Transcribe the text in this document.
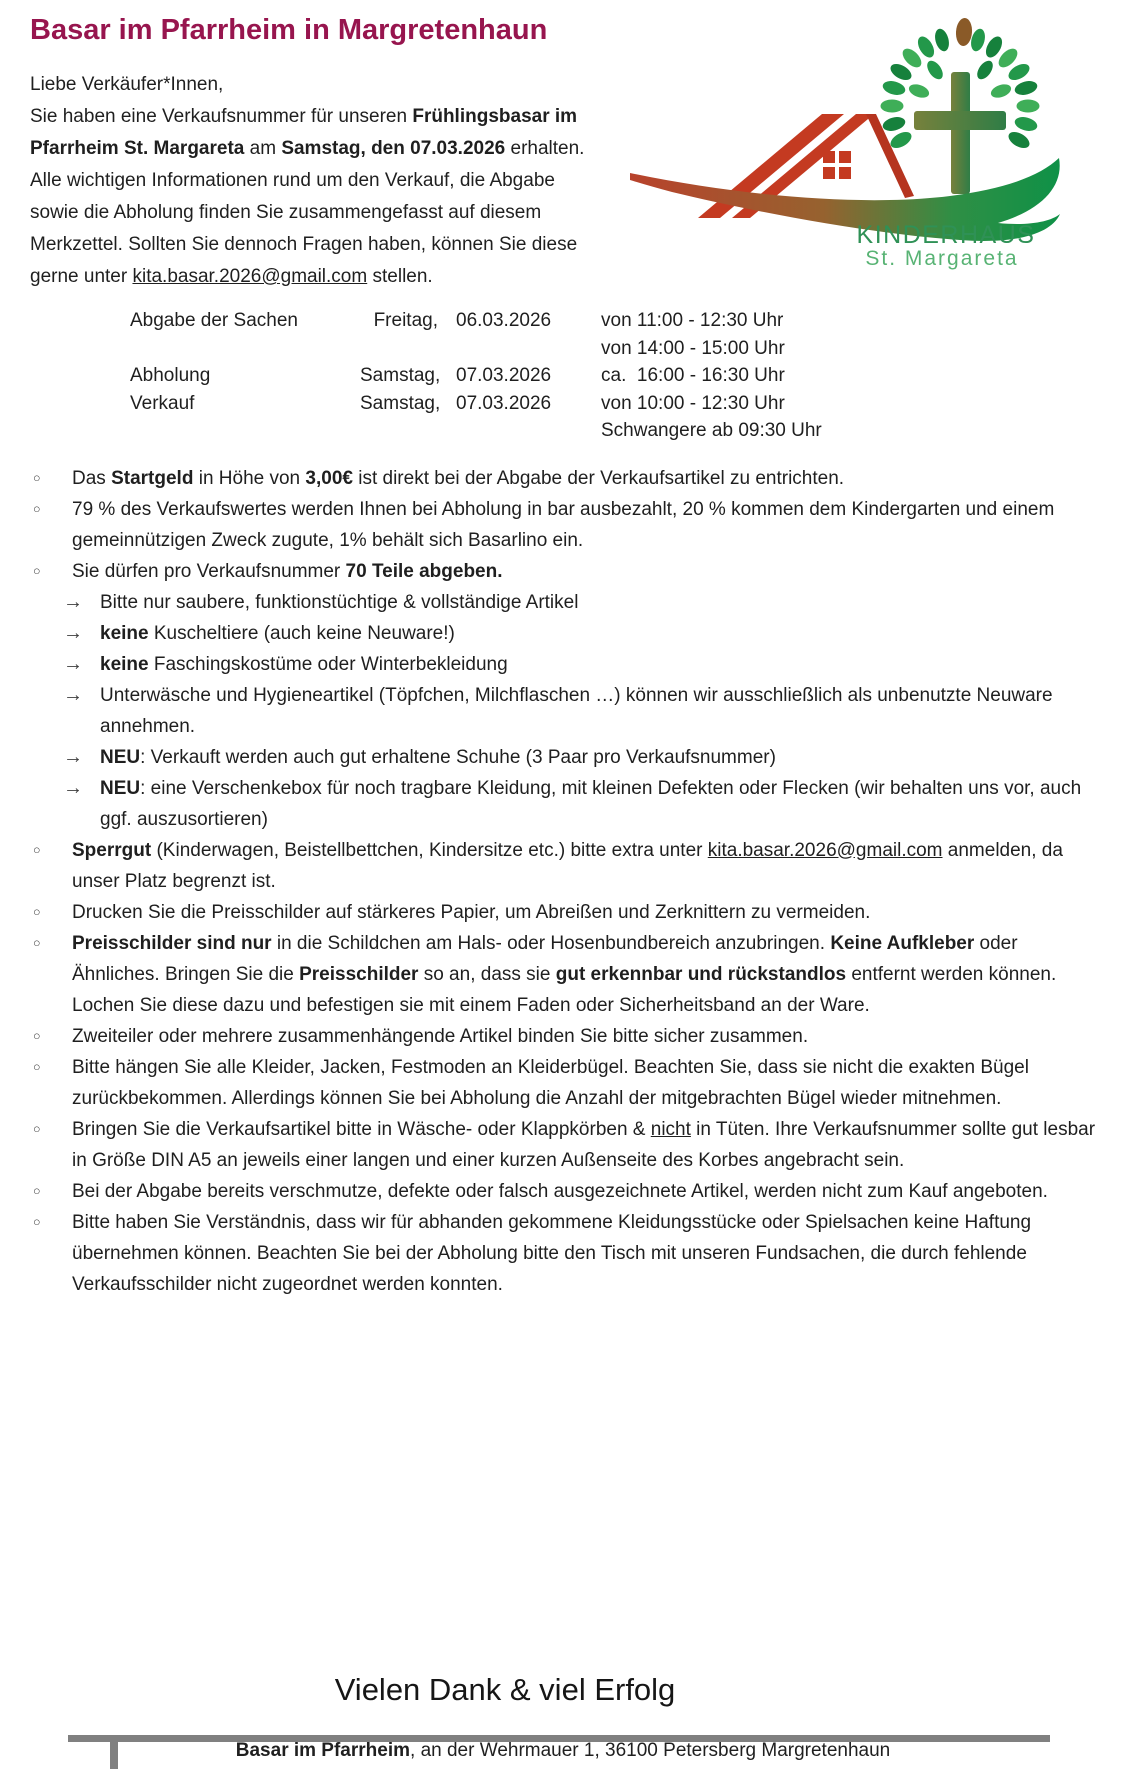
Basar im Pfarrheim in Margretenhaun
KINDERHAUS
St. Margareta

Liebe Verkäufer*Innen,

Sie haben eine Verkaufsnummer für unseren Frühlingsbasar im Pfarrheim St. Margareta am Samstag, den 07.03.2026 erhalten. Alle wichtigen Informationen rund um den Verkauf, die Abgabe sowie die Abholung finden Sie zusammengefasst auf diesem Merkzettel. Sollten Sie dennoch Fragen haben, können Sie diese gerne unter kita.basar.2026@gmail.com stellen.

Abgabe der Sachen	Freitag, 06.03.2026	von 11:00 - 12:30 Uhr
von 14:00 - 15:00 Uhr
Abholung	Samstag, 07.03.2026	ca.  16:00 - 16:30 Uhr
Verkauf	Samstag, 07.03.2026	von 10:00 - 12:30 Uhr
Schwangere ab 09:30 Uhr
○	Das Startgeld in Höhe von 3,00€ ist direkt bei der Abgabe der Verkaufsartikel zu entrichten.
○	79 % des Verkaufswertes werden Ihnen bei Abholung in bar ausbezahlt, 20 % kommen dem Kindergarten und einem gemeinnützigen Zweck zugute, 1% behält sich Basarlino ein.
○	Sie dürfen pro Verkaufsnummer 70 Teile abgeben.
→ Bitte nur saubere, funktionstüchtige & vollständige Artikel
→ keine Kuscheltiere (auch keine Neuware!)
→ keine Faschingskostüme oder Winterbekleidung
→ Unterwäsche und Hygieneartikel (Töpfchen, Milchflaschen …) können wir ausschließlich als unbenutzte Neuware annehmen.
→ NEU: Verkauft werden auch gut erhaltene Schuhe (3 Paar pro Verkaufsnummer)
→ NEU: eine Verschenkebox für noch tragbare Kleidung, mit kleinen Defekten oder Flecken (wir behalten uns vor, auch ggf. auszusortieren)
○	Sperrgut (Kinderwagen, Beistellbettchen, Kindersitze etc.) bitte extra unter kita.basar.2026@gmail.com anmelden, da unser Platz begrenzt ist.
○	Drucken Sie die Preisschilder auf stärkeres Papier, um Abreißen und Zerknittern zu vermeiden.
○	Preisschilder sind nur in die Schildchen am Hals- oder Hosenbundbereich anzubringen. Keine Aufkleber oder Ähnliches. Bringen Sie die Preisschilder so an, dass sie gut erkennbar und rückstandlos entfernt werden können. Lochen Sie diese dazu und befestigen sie mit einem Faden oder Sicherheitsband an der Ware.
○	Zweiteiler oder mehrere zusammenhängende Artikel binden Sie bitte sicher zusammen.
○	Bitte hängen Sie alle Kleider, Jacken, Festmoden an Kleiderbügel. Beachten Sie, dass sie nicht die exakten Bügel zurückbekommen. Allerdings können Sie bei Abholung die Anzahl der mitgebrachten Bügel wieder mitnehmen.
○	Bringen Sie die Verkaufsartikel bitte in Wäsche- oder Klappkörben & nicht in Tüten. Ihre Verkaufsnummer sollte gut lesbar in Größe DIN A5 an jeweils einer langen und einer kurzen Außenseite des Korbes angebracht sein.
○	Bei der Abgabe bereits verschmutze, defekte oder falsch ausgezeichnete Artikel, werden nicht zum Kauf angeboten.
○	Bitte haben Sie Verständnis, dass wir für abhanden gekommene Kleidungsstücke oder Spielsachen keine Haftung übernehmen können. Beachten Sie bei der Abholung bitte den Tisch mit unseren Fundsachen, die durch fehlende Verkaufsschilder nicht zugeordnet werden konnten.

Vielen Dank & viel Erfolg

Basar im Pfarrheim, an der Wehrmauer 1, 36100 Petersberg Margretenhaun
